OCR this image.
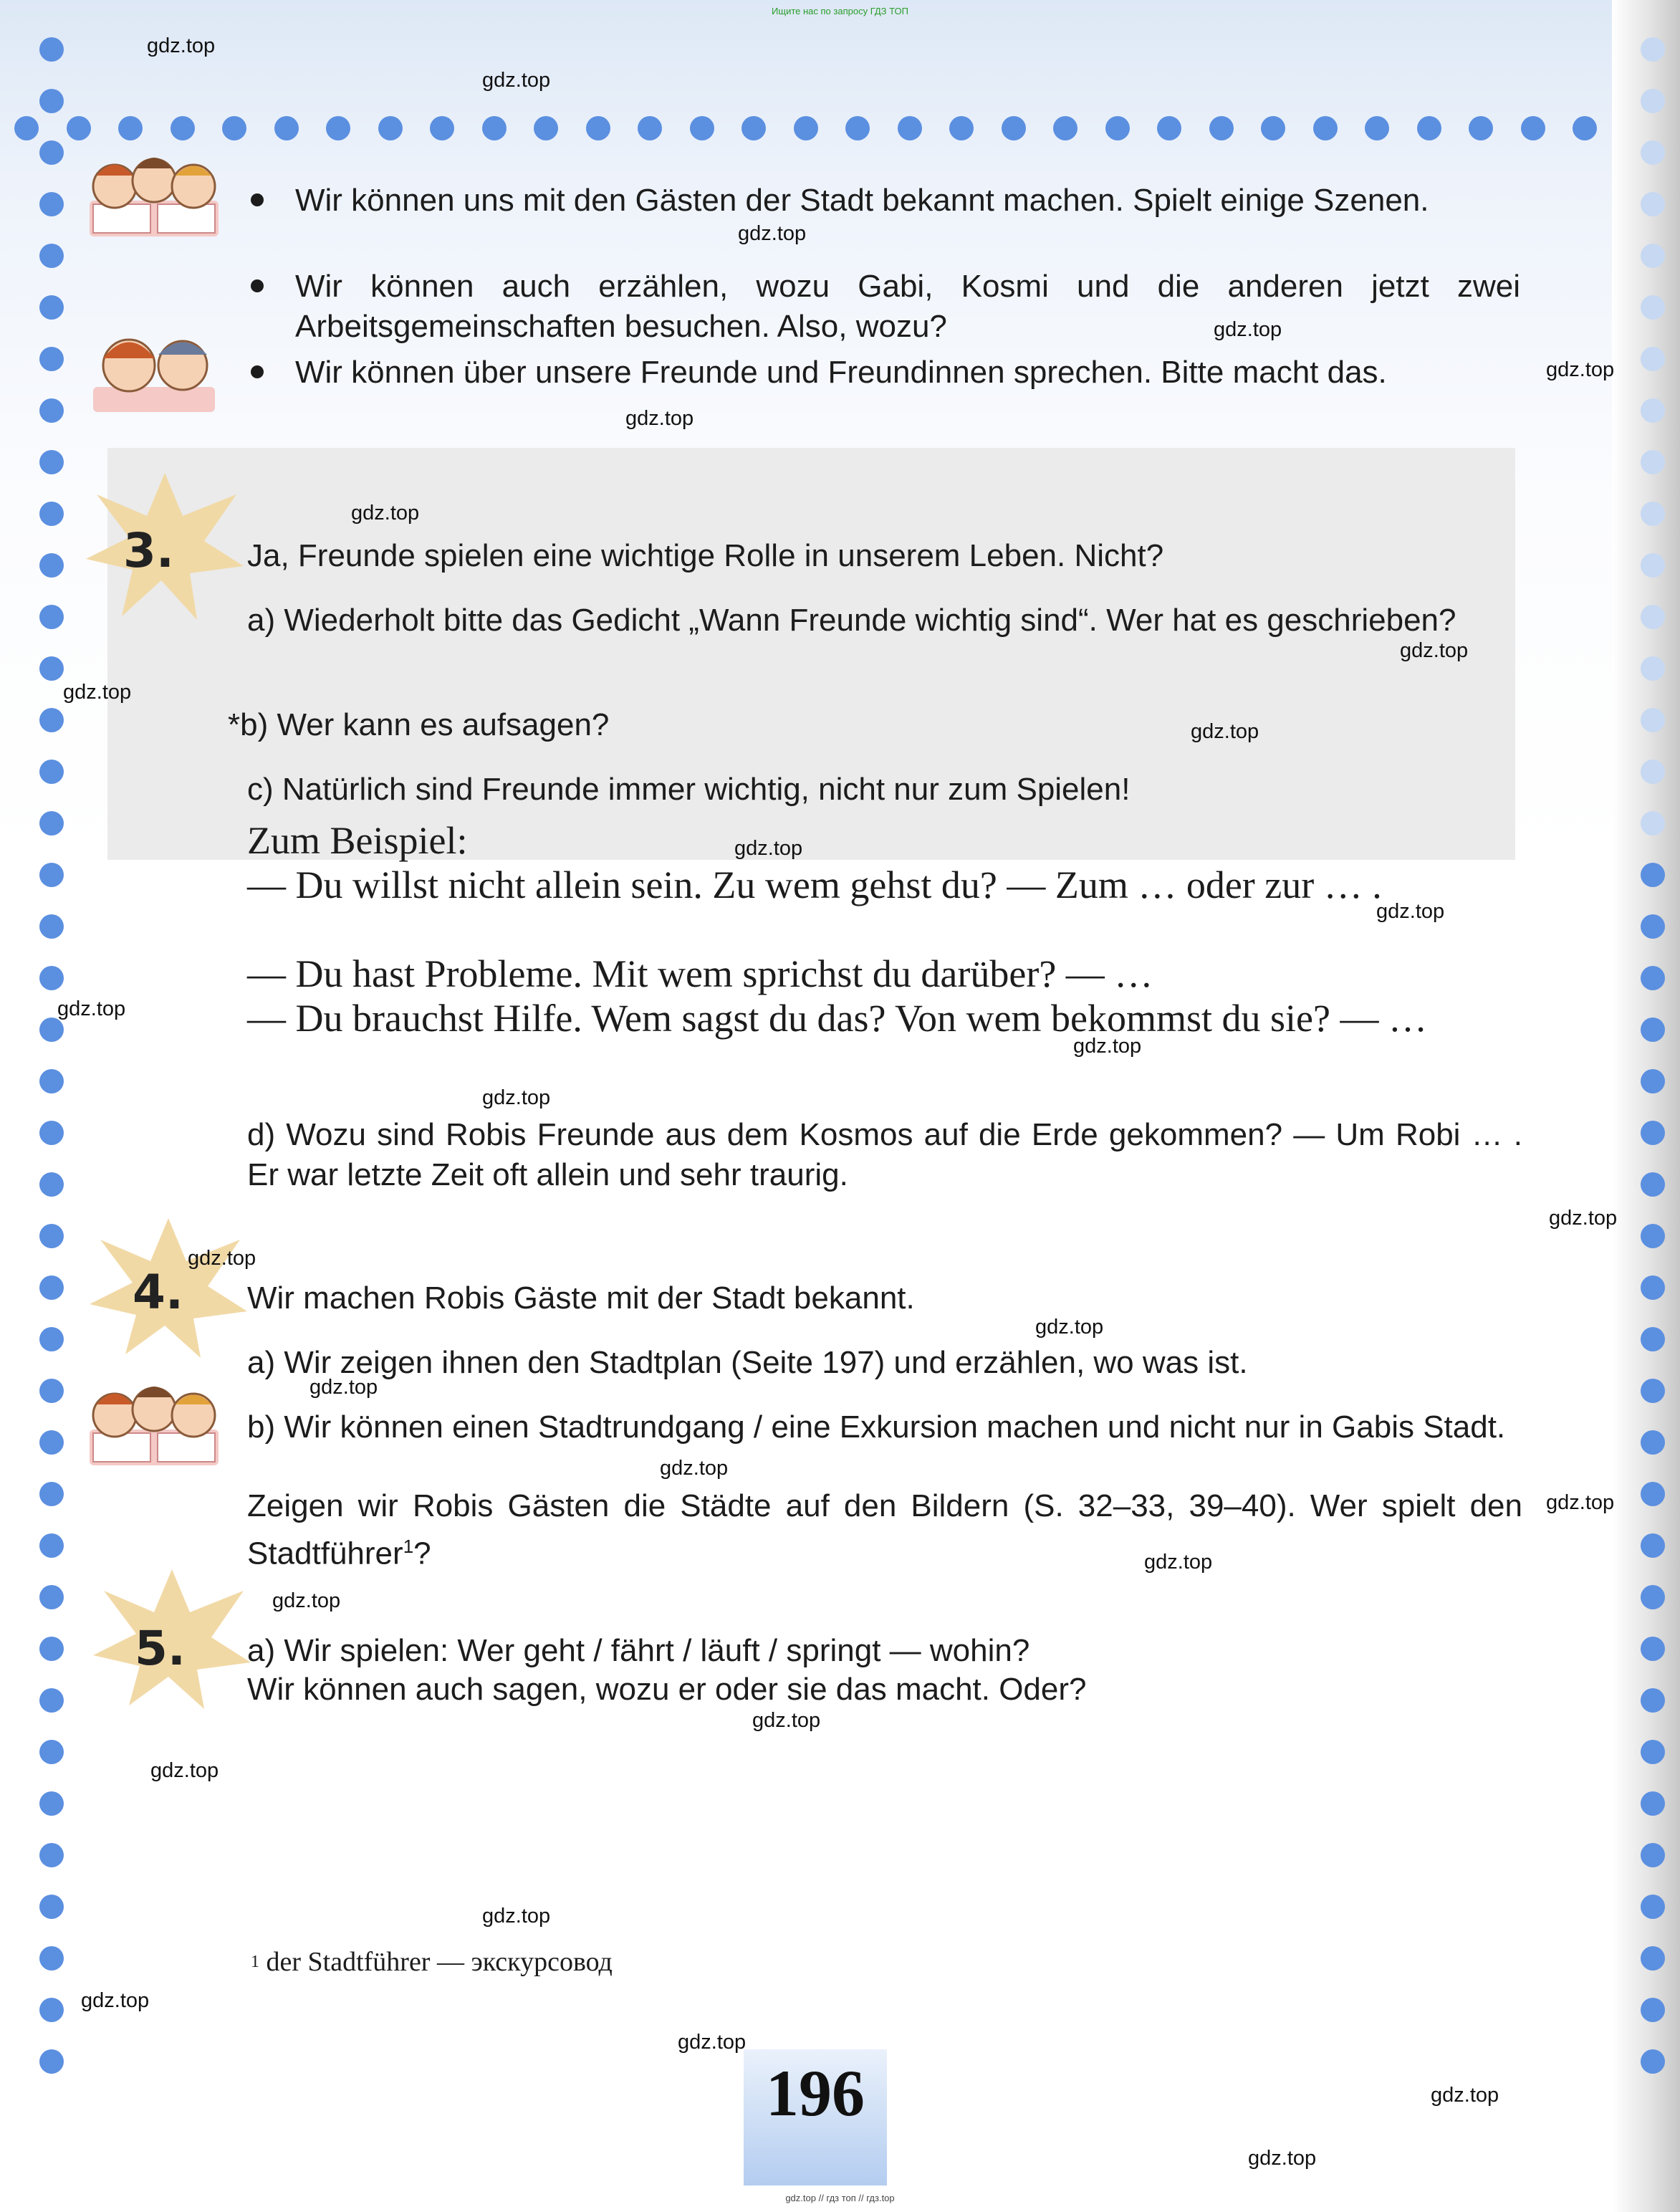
Ищите нас по запросу ГДЗ ТОП
Wir können uns mit den Gästen der Stadt bekannt machen. Spielt einige Szenen.
Wir können auch erzählen, wozu Gabi, Kosmi und die anderen jetzt zwei Arbeitsgemeinschaften besuchen. Also, wozu?
Wir können über unsere Freunde und Freundinnen sprechen. Bitte macht das.
3. Ja, Freunde spielen eine wichtige Rolle in unserem Leben. Nicht?
a) Wiederholt bitte das Gedicht „Wann Freunde wichtig sind“. Wer hat es geschrieben?
*b) Wer kann es aufsagen?
c) Natürlich sind Freunde immer wichtig, nicht nur zum Spielen!
Zum Beispiel:
— Du willst nicht allein sein. Zu wem gehst du? — Zum … oder zur … .
— Du hast Probleme. Mit wem sprichst du darüber? — …
— Du brauchst Hilfe. Wem sagst du das? Von wem bekommst du sie? — …
d) Wozu sind Robis Freunde aus dem Kosmos auf die Erde gekommen? — Um Robi … . Er war letzte Zeit oft allein und sehr traurig.
4. Wir machen Robis Gäste mit der Stadt bekannt.
a) Wir zeigen ihnen den Stadtplan (Seite 197) und erzählen, wo was ist.
b) Wir können einen Stadtrundgang / eine Exkursion machen und nicht nur in Gabis Stadt.
Zeigen wir Robis Gästen die Städte auf den Bildern (S. 32–33, 39–40). Wer spielt den Stadtführer$^1$?
5. a) Wir spielen: Wer geht / fährt / läuft / springt — wohin?
Wir können auch sagen, wozu er oder sie das macht. Oder?
$^1$ der Stadtführer — экскурсовод
196
gdz.top // гдз топ // гдз.top
gdz.top
gdz.top
gdz.top
gdz.top
gdz.top
gdz.top
gdz.top
gdz.top
gdz.top
gdz.top
gdz.top
gdz.top
gdz.top
gdz.top
gdz.top
gdz.top
gdz.top
gdz.top
gdz.top
gdz.top
gdz.top
gdz.top
gdz.top
gdz.top
gdz.top
gdz.top
gdz.top
gdz.top
gdz.top
gdz.top
